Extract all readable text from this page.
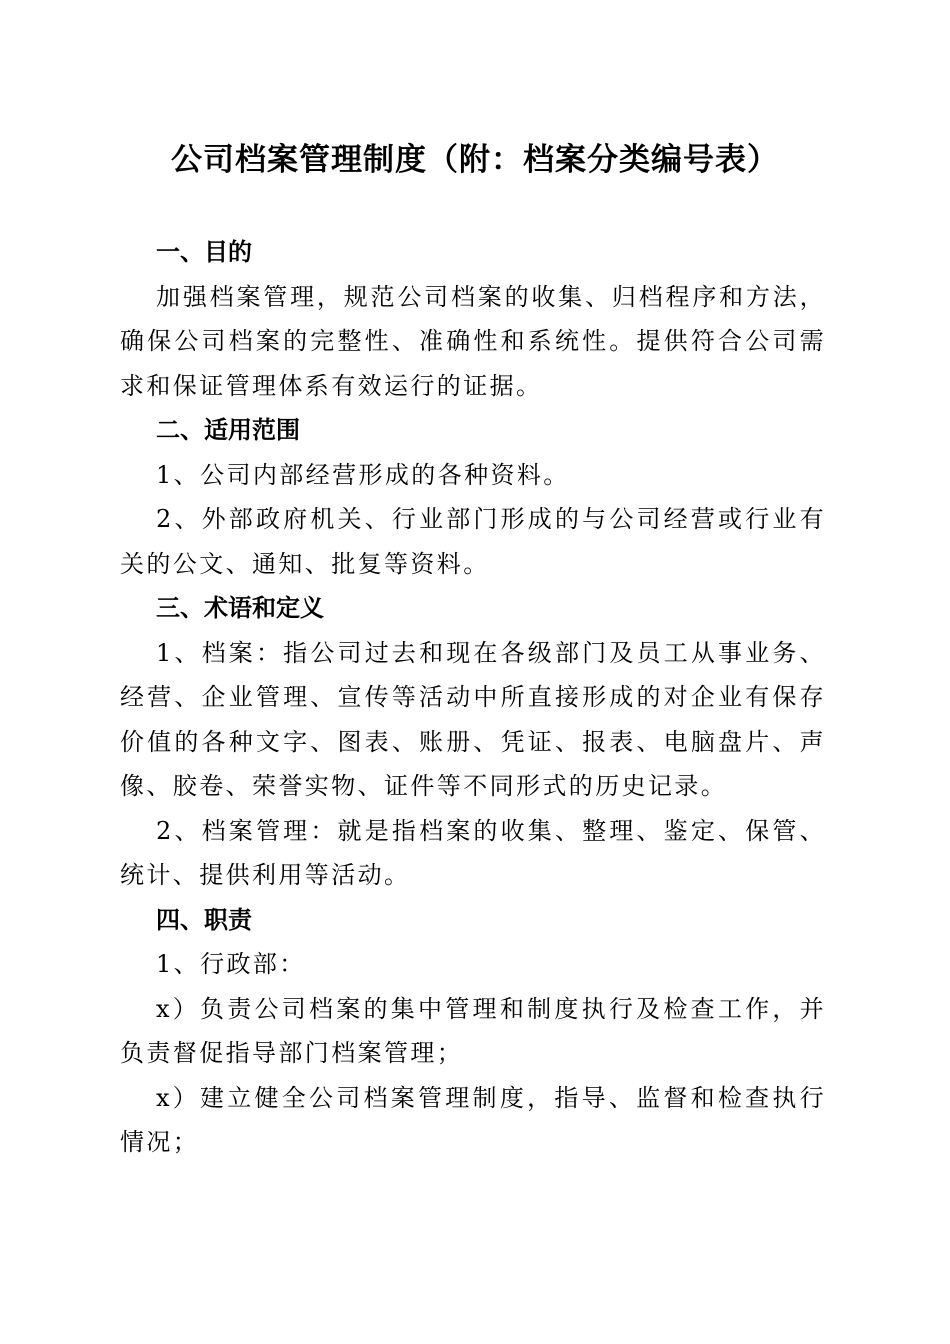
公司档案管理制度（附：档案分类编号表）
一、目的

加强档案管理，规范公司档案的收集、归档程序和方法，确保公司档案的完整性、准确性和系统性。提供符合公司需求和保证管理体系有效运行的证据。

二、适用范围

1、公司内部经营形成的各种资料。

2、外部政府机关、行业部门形成的与公司经营或行业有关的公文、通知、批复等资料。

三、术语和定义

1、档案：指公司过去和现在各级部门及员工从事业务、经营、企业管理、宣传等活动中所直接形成的对企业有保存价值的各种文字、图表、账册、凭证、报表、电脑盘片、声像、胶卷、荣誉实物、证件等不同形式的历史记录。

2、档案管理：就是指档案的收集、整理、鉴定、保管、统计、提供利用等活动。

四、职责

1、行政部：

x）负责公司档案的集中管理和制度执行及检查工作，并负责督促指导部门档案管理；

x）建立健全公司档案管理制度，指导、监督和检查执行情况；
